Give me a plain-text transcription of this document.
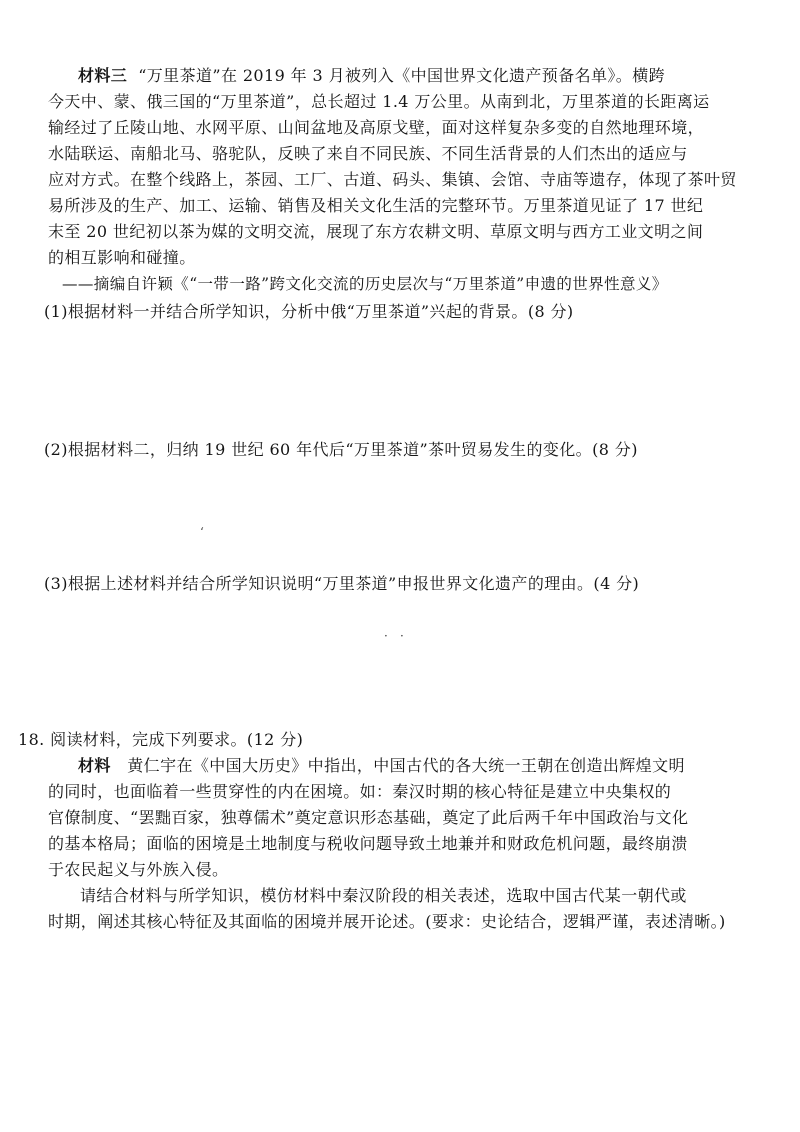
材料三 “万里茶道”在 2019 年 3 月被列入《中国世界文化遗产预备名单》。横跨
今天中、蒙、俄三国的“万里茶道”，总长超过 1.4 万公里。从南到北，万里茶道的长距离运
输经过了丘陵山地、水网平原、山间盆地及高原戈壁，面对这样复杂多变的自然地理环境，
水陆联运、南船北马、骆驼队，反映了来自不同民族、不同生活背景的人们杰出的适应与
应对方式。在整个线路上，茶园、工厂、古道、码头、集镇、会馆、寺庙等遗存，体现了茶叶贸
易所涉及的生产、加工、运输、销售及相关文化生活的完整环节。万里茶道见证了 17 世纪
末至 20 世纪初以茶为媒的文明交流，展现了东方农耕文明、草原文明与西方工业文明之间
的相互影响和碰撞。
——摘编自许颖《“一带一路”跨文化交流的历史层次与“万里茶道”申遗的世界性意义》
(1)根据材料一并结合所学知识，分析中俄“万里茶道”兴起的背景。(8 分)
(2)根据材料二，归纳 19 世纪 60 年代后“万里茶道”茶叶贸易发生的变化。(8 分)
(3)根据上述材料并结合所学知识说明“万里茶道”申报世界文化遗产的理由。(4 分)
ʻ
· ·
18. 阅读材料，完成下列要求。(12 分)
材料 黄仁宇在《中国大历史》中指出，中国古代的各大统一王朝在创造出辉煌文明
的同时，也面临着一些贯穿性的内在困境。如：秦汉时期的核心特征是建立中央集权的
官僚制度、“罢黜百家，独尊儒术”奠定意识形态基础，奠定了此后两千年中国政治与文化
的基本格局；面临的困境是土地制度与税收问题导致土地兼并和财政危机问题，最终崩溃
于农民起义与外族入侵。
请结合材料与所学知识，模仿材料中秦汉阶段的相关表述，选取中国古代某一朝代或
时期，阐述其核心特征及其面临的困境并展开论述。(要求：史论结合，逻辑严谨，表述清晰。)
